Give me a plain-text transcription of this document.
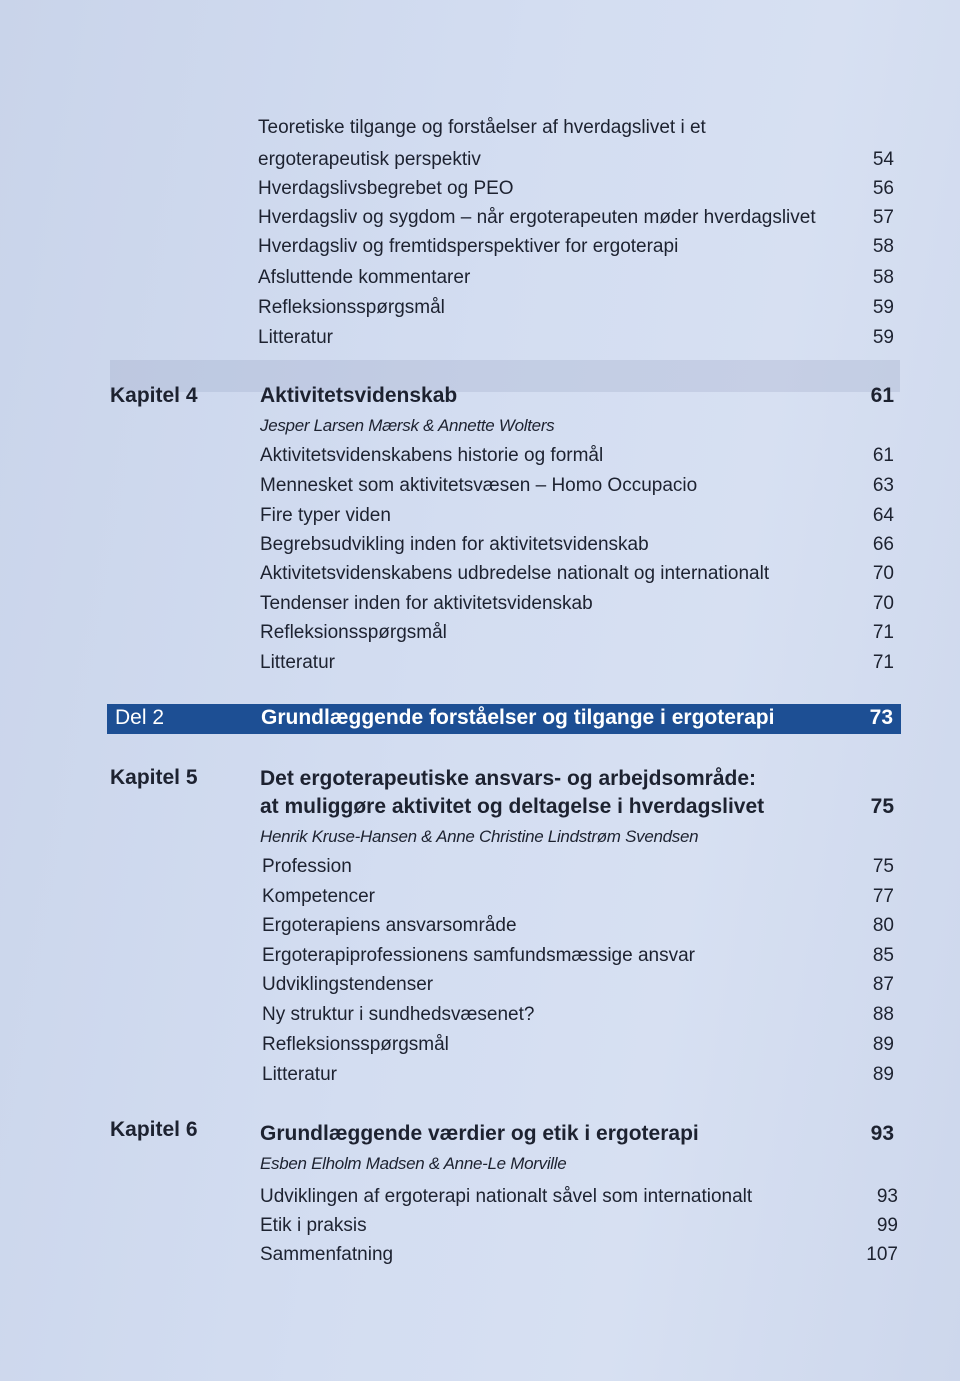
Teoretiske tilgange og forståelser af hverdagslivet i et
ergoterapeutisk perspektiv	54
Hverdagslivsbegrebet og PEO	56
Hverdagsliv og sygdom – når ergoterapeuten møder hverdagslivet	57
Hverdagsliv og fremtidsperspektiver for ergoterapi	58
Afsluttende kommentarer	58
Refleksionsspørgsmål	59
Litteratur	59
Kapitel 4	Aktivitetsvidenskab	61
Jesper Larsen Mærsk & Annette Wolters
Aktivitetsvidenskabens historie og formål	61
Mennesket som aktivitetsvæsen – Homo Occupacio	63
Fire typer viden	64
Begrebsudvikling inden for aktivitetsvidenskab	66
Aktivitetsvidenskabens udbredelse nationalt og internationalt	70
Tendenser inden for aktivitetsvidenskab	70
Refleksionsspørgsmål	71
Litteratur	71
Del 2	Grundlæggende forståelser og tilgange i ergoterapi	73
Kapitel 5	Det ergoterapeutiske ansvars- og arbejdsområde:
at muliggøre aktivitet og deltagelse i hverdagslivet	75
Henrik Kruse-Hansen & Anne Christine Lindstrøm Svendsen
Profession	75
Kompetencer	77
Ergoterapiens ansvarsområde	80
Ergoterapiprofessionens samfundsmæssige ansvar	85
Udviklingstendenser	87
Ny struktur i sundhedsvæsenet?	88
Refleksionsspørgsmål	89
Litteratur	89
Kapitel 6	Grundlæggende værdier og etik i ergoterapi	93
Esben Elholm Madsen & Anne-Le Morville
Udviklingen af ergoterapi nationalt såvel som internationalt	93
Etik i praksis	99
Sammenfatning	107
